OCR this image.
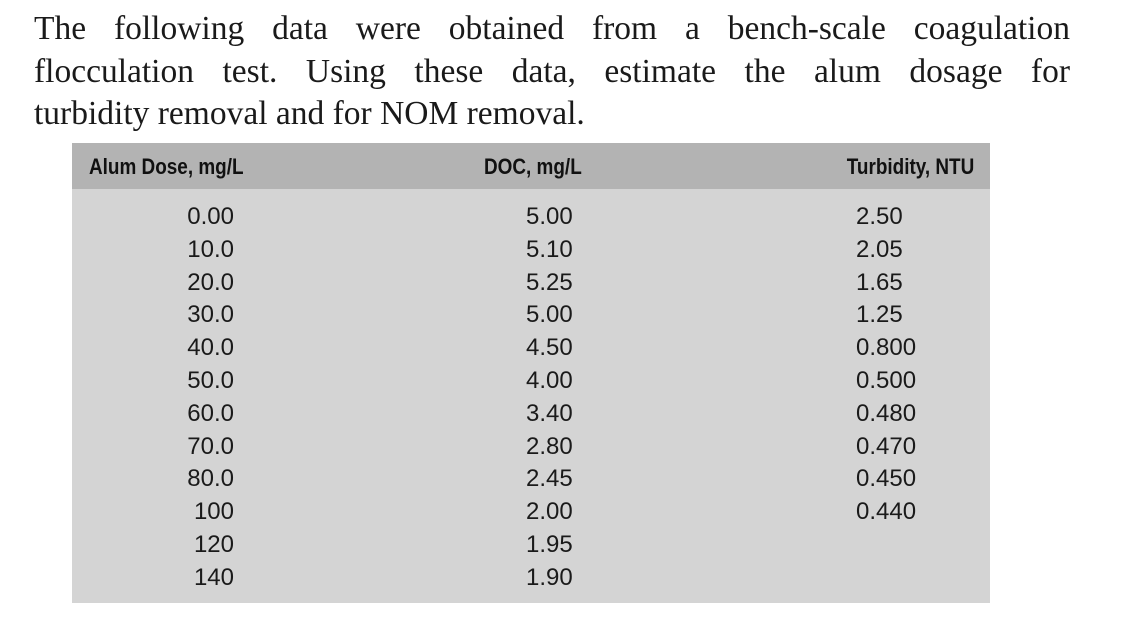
The following data were obtained from a bench-scale coagulation
flocculation test. Using these data, estimate the alum dosage for
turbidity removal and for NOM removal.
Alum Dose, mg/L	DOC, mg/L	Turbidity, NTU
0.00	5.00	2.50
10.0	5.10	2.05
20.0	5.25	1.65
30.0	5.00	1.25
40.0	4.50	0.800
50.0	4.00	0.500
60.0	3.40	0.480
70.0	2.80	0.470
80.0	2.45	0.450
100	2.00	0.440
120	1.95
140	1.90
